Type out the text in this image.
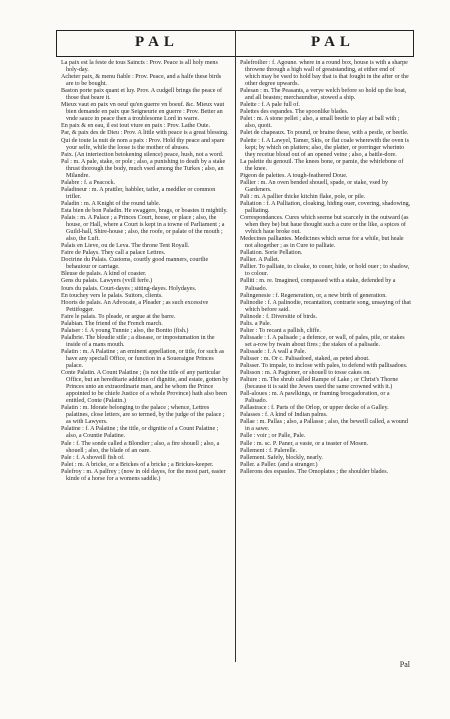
PAL	PAL

La paix est la feste de tous Saincts : Prov. Peace is all holy mens holy-day.

Acheter paix, & menu fiable : Prov. Peace, and a halfe these birds are to be bought.

Baston porte paix quant et luy. Prov. A cudgell brings the peace of those that beare it.

Mieux vaut en paix vn oeuf qu'en guerre vn boeuf. &c. Mieux vaut bien demande en paix que Seigneurie en guerre : Prov. Better an vnde sauce in peace then a troublesome Lord in warre.

En paix & en eau, il est tout viure en paix : Prov. Lathe Oute.

Par, & paix des de Dieu : Prov. A little with peace is a great blessing.

Qui de toute la nuit de nom a paix : Prov. Hold thy peace and spare your selfe, while the loose is the mother of abuses.

Paix. (An interiection betokening silence) peace, hush, not a word.

Pal : m. A pale, stake, or pole ; also, a punishing to death by a stake thrust thorough the body, much vsed among the Turkes ; also, an Milandre.

Palabre : f. a Peacock.

Paladineur : m. A prattler, babbler, tatler, a meddler or common trifler.

Paladin : m. A Knight of the round table.

Esta bien de bon Paladin. He swaggers, brags, or boastes it mightily.

Palais : m. A Palace ; a Princes Court, house, or place ; also, the house, or Hall, where a Court is kept in a towne of Parliament ; a Guild-hall, Shire-house ; also, the roofe, or palate of the mouth ; also, the Luft.

Palais en Lieve, ou de Leva. The throne Tent Royall.

Faire de Palays. They call a palace Lettres.

Doctrine du Palais. Customs, courtly good manners, courtlie behauiour or carriage.

Bleuse de palais. A kind of coaster.

Gens du palais. Lawyers (vvill ferfe.)

Iours du palais. Court-dayes ; sitting-dayes. Holydayes.

En touchey vers le palais. Suitors, clients.

Hoorts de palais. An Advocate, a Pleader ; as such excessive Pettifogger.

Faire le palais. To pleade, or argue at the barre.

Palabian. The friend of the French march.

Palaiser : f. A young Tunnie ; also, the Bonito (fish.)

Palalbrie. The bloudie stile ; a disease, or impostumation in the inside of a mans mouth.

Palatin : m. A Palatine ; an eminent appellation, or title, for such as have any speciall Office, or function in a Soueraigne Princes palace.

Conte Palatin. A Count Palatine ; (is not the title of any particular Office, but an hereditarie addition of dignitie, and estate, gotten by Princes unto an extraordinarie man, and he whom the Prince appointed to be chiefe Justice of a whole Province) hath also been entitled, Conte (Palatin.)

Palatin : m. Idorate belonging to the palace ; whence, Lettres palatines, close letters, are so termed, by the judge of the palace ; as with Lawyers.

Palatine : f. A Palatine ; the title, or dignitie of a Count Palatine ; also, a Countie Palatine.

Pale : f. The sonde called a Blondier ; also, a fire shouell ; also, a shouell ; also, the blade of an oare.

Pale : f. A shoveill fish of.

Palet : m. A bricke, or a Brickes of a bricke ; a Brickes-keeper.

Palefroy : m. A palfrey ; (now in old dayes, for the most part, easier kinde of a horse for a womens saddle.)

Palefroilier : f. Agoune. where in a round box, house is with a sharpe throwne through a high wall of greatstanding, at either end of which may be vsed to hold bay that is that fought in the after or the other degree upwards.

Palesan : m. The Peasants, a verye welch before so hold up the boat, and all beastes; merchaundise, stowed a ship.

Palette : f. A pale full of.

Palettes des espandes. The spoonlike blades.

Palet : m. A stone pellet ; also, a small beetle to play at ball with ; also, quoit.

Palet de chapeaux. To pound, or braine these, with a pestle, or beetle.

Palette : f. A Lawyel, Tamer, Skis, or flat coale wherewith the oven is kept; by which on platters; also, the platter, or porringer wherinto they receiue bloud out of an opened veine ; also, a battle-dore.

La palette du genouil. The knees bone, or pamie, the whirlebone of the knee.

Pigeon de palettes. A tough-feathered Doue.

Pallier : m. An oven bended shouell, spade, or stake, vsed by Gardeners.

Pali : m. A pallier thicke kitchin flake, pole, or pile.

Paliation : f. A Palliation, cloaking, hiding ouer, covering, shadowing, palliating.

Correspondances. Cures which seeme but scarcely in the outward (as when they be) but haue thought such a cure or the like, a spices of vvhich haue broke out.

Medecines palliantes. Medicines which serue for a while, but heale not altogether ; as in Cure to palliate.

Pallation. Sorie Pellation.

Pallier. A Pallet.

Pallier. To palliate, to cloake, to couer, hide, or hold ouer ; to shadow, to colour.

Palliti : m. re. Imagined, compassed with a stake, defended by a Palisado.

Palingenesie : f. Regeneration, or, a new birth of generation.

Palinodie : f. A palinodie, recantation, contrarie song, unsaying of that which before said.

Palinode : f. Diversitie of birds.

Palis. a Pale.

Palier : To recant a pallish, cliffe.

Palissade : f. A palisade ; a defence, or wall, of pales, pile, or stakes set a-row by twain about fires ; the stakes of a palisade.

Palissade : f. A wall a Pale.

Palisser : m. Or c. Palisadoed, staked, as peted about.

Palisser. To impale, to inclose with pales, to defend with pallisadoes.

Palisson : m. A Pagioner, or shouell to tosse cakes on.

Paliure : m. The shrub called Rampe of Lake ; or Christ's Thorne (because it is said the Jewes used the same crowned with it.)

Pall-aloues : m. A pawlkings, or framing brocgadoration, or a Palisado.

Pallastrace : f. Parts of the Orlop, or upper decke of a Galley.

Palasses : f. A kind of Indian palms.

Pallae : m. Pallas ; also, a Pallasse ; also, the beweill called, a wound in a sawe.

Palle : voir ; or Palle, Pale.

Palle : m. sc. P. Paner, a vaste, or a teaster of Mosen.

Pallement : f. Palerelle.

Pallement. Safely, blockly, nearly.

Paller. a Paller. (and a stranger.)

Pallerons des espaules. The Omoplates ; the shoulder blades.

Pal
